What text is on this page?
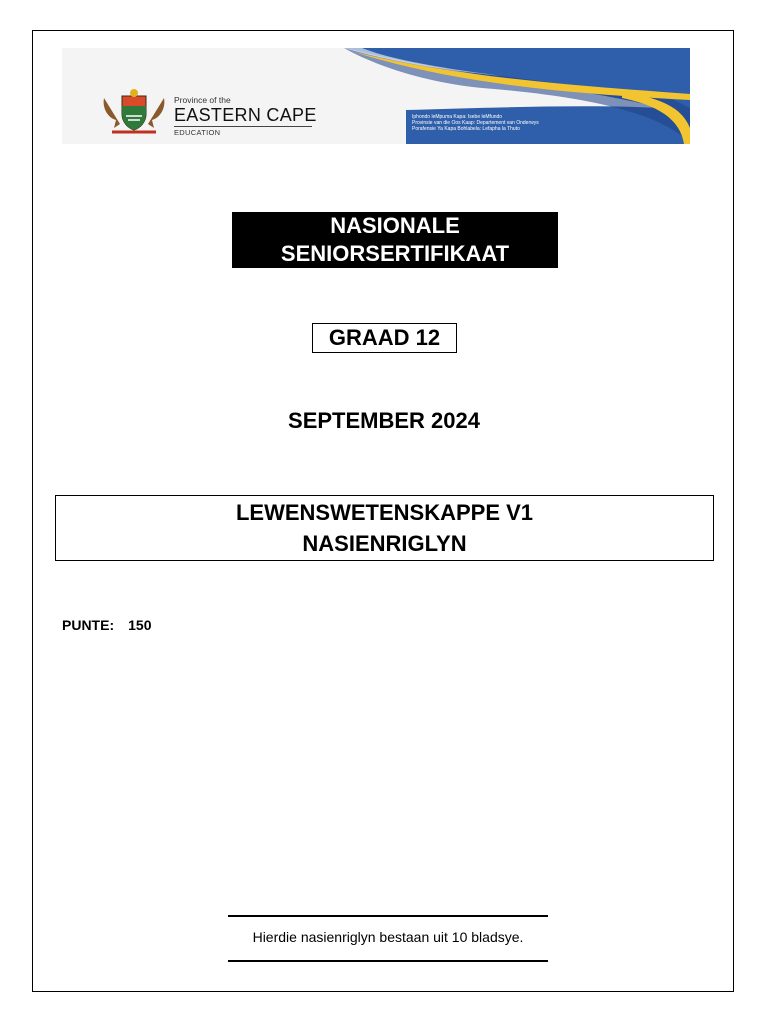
Province of the
EASTERN CAPE
EDUCATION
Iphondo leMpuma Kapa: Isebe leMfundo
Provinsie van die Oos Kaap: Departement van Onderwys
Porafensie Ya Kapa Bohlabela: Lefapha la Thuto
NASIONALE
SENIORSERTIFIKAAT
GRAAD 12
SEPTEMBER 2024
LEWENSWETENSKAPPE V1
NASIENRIGLYN
PUNTE: 150
Hierdie nasienriglyn bestaan uit 10 bladsye.
